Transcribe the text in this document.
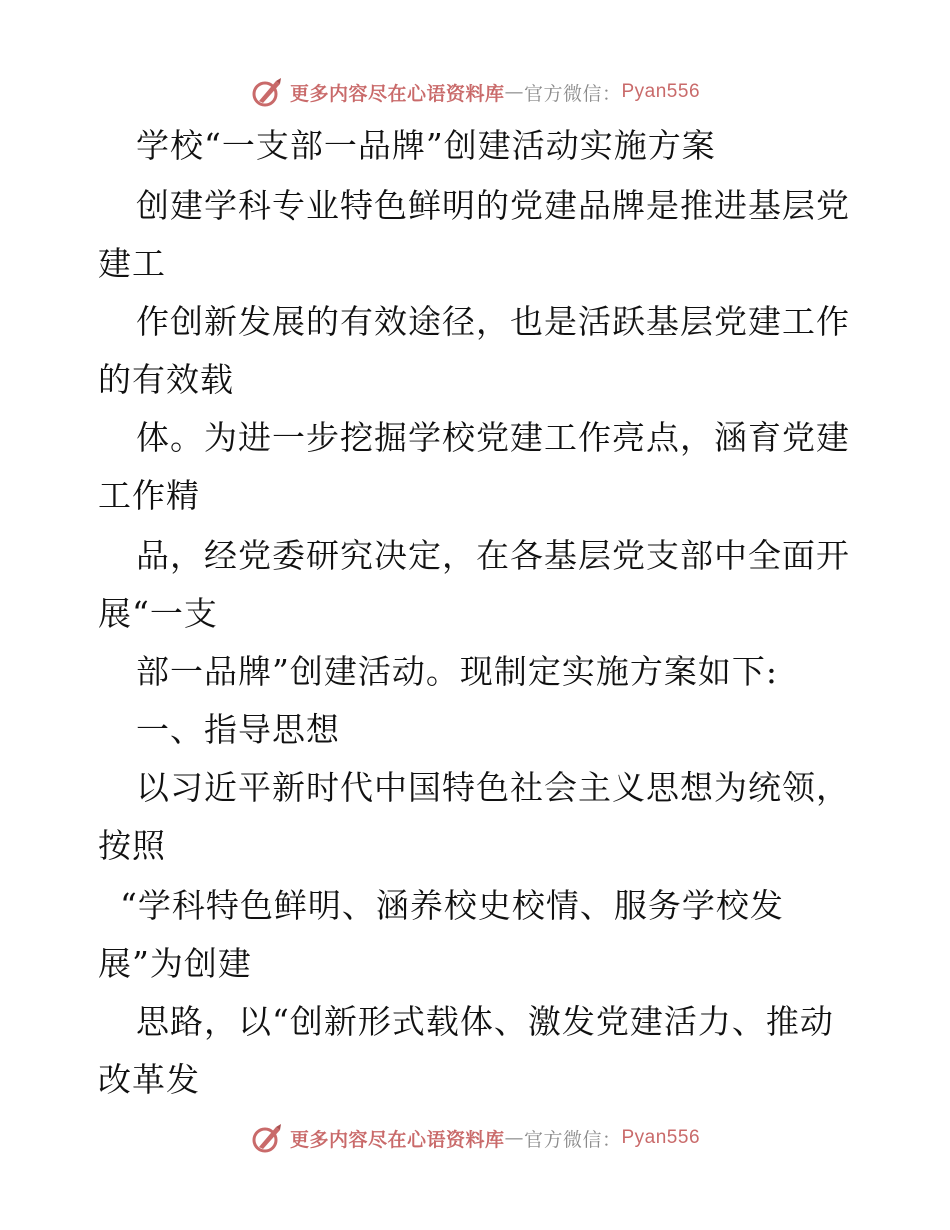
更多内容尽在心语资料库 — 官方微信： Pyan556
学校“一支部一品牌”创建活动实施方案
创建学科专业特色鲜明的党建品牌是推进基层党
建工
作创新发展的有效途径，也是活跃基层党建工作
的有效载
体。为进一步挖掘学校党建工作亮点，涵育党建
工作精
品，经党委研究决定，在各基层党支部中全面开
展“一支
部一品牌”创建活动。现制定实施方案如下:
一、指导思想
以习近平新时代中国特色社会主义思想为统领，
按照
“学科特色鲜明、涵养校史校情、服务学校发
展”为创建
思路，以“创新形式载体、激发党建活力、推动
改革发
更多内容尽在心语资料库 — 官方微信： Pyan556
